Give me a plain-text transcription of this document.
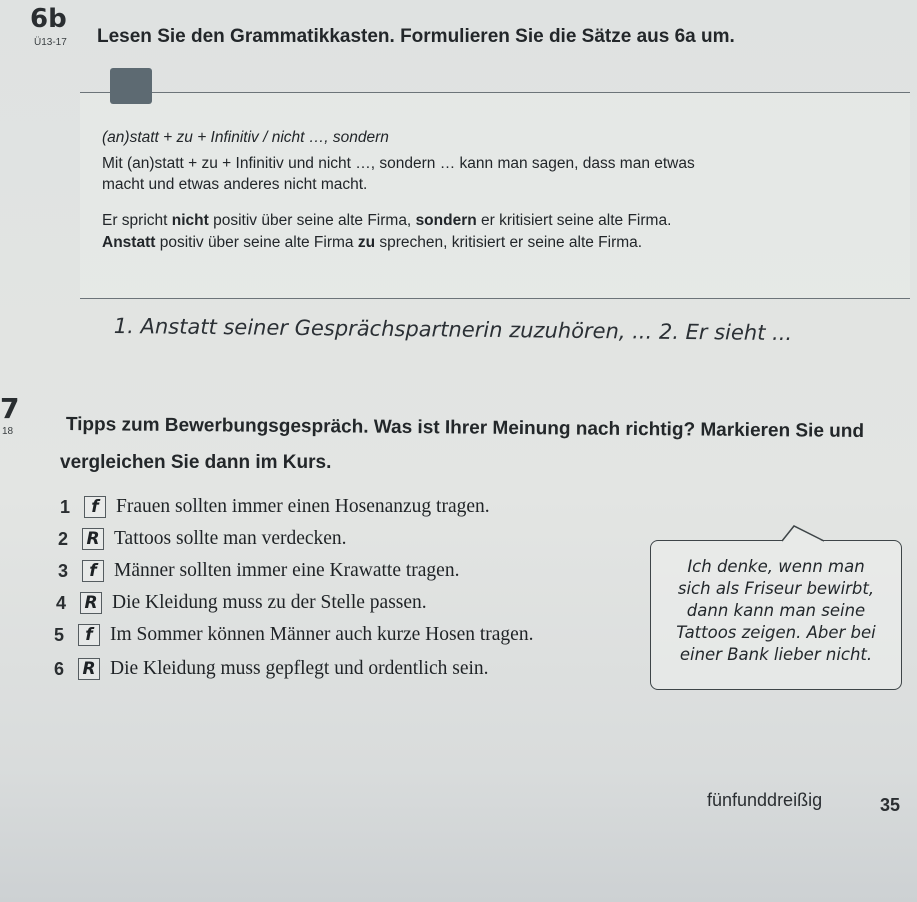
6b
Ü13-17 Lesen Sie den Grammatikkasten. Formulieren Sie die Sätze aus 6a um.
(an)statt + zu + Infinitiv / nicht …, sondern
Mit (an)statt + zu + Infinitiv und nicht …, sondern … kann man sagen, dass man etwas
macht und etwas anderes nicht macht.
Er spricht nicht positiv über seine alte Firma, sondern er kritisiert seine alte Firma.
Anstatt positiv über seine alte Firma zu sprechen, kritisiert er seine alte Firma.
1. Anstatt seiner Gesprächspartnerin zuzuhören, ... 2. Er sieht ...
7
18	Tipps zum Bewerbungsgespräch. Was ist Ihrer Meinung nach richtig? Markieren Sie und
vergleichen Sie dann im Kurs.
1	f Frauen sollten immer einen Hosenanzug tragen.
2	R Tattoos sollte man verdecken.
3	f Männer sollten immer eine Krawatte tragen.
4	R Die Kleidung muss zu der Stelle passen.
5	f Im Sommer können Männer auch kurze Hosen tragen.
6	R Die Kleidung muss gepflegt und ordentlich sein.
Ich denke, wenn man
sich als Friseur bewirbt,
dann kann man seine
Tattoos zeigen. Aber bei
einer Bank lieber nicht.
fünfunddreißig	35
